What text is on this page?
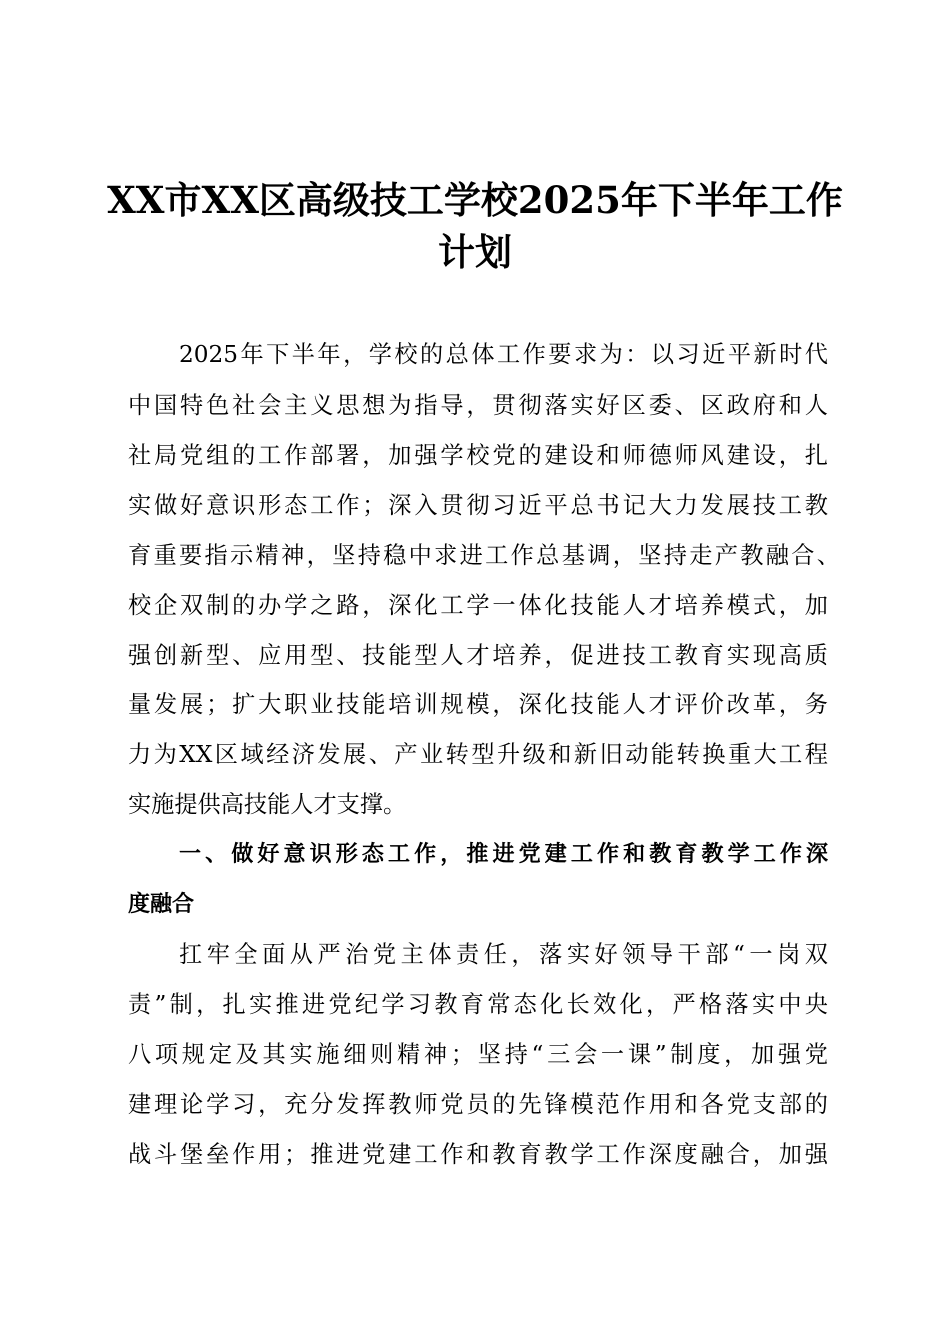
XX市XX区高级技工学校2025年下半年工作
计划
2025年下半年，学校的总体工作要求为：以习近平新时代
中国特色社会主义思想为指导，贯彻落实好区委、区政府和人
社局党组的工作部署，加强学校党的建设和师德师风建设，扎
实做好意识形态工作；深入贯彻习近平总书记大力发展技工教
育重要指示精神，坚持稳中求进工作总基调，坚持走产教融合、
校企双制的办学之路，深化工学一体化技能人才培养模式，加
强创新型、应用型、技能型人才培养，促进技工教育实现高质
量发展；扩大职业技能培训规模，深化技能人才评价改革，务
力为XX区域经济发展、产业转型升级和新旧动能转换重大工程
实施提供高技能人才支撑。
一、做好意识形态工作，推进党建工作和教育教学工作深
度融合
扛牢全面从严治党主体责任，落实好领导干部“一岗双
责”制，扎实推进党纪学习教育常态化长效化，严格落实中央
八项规定及其实施细则精神；坚持“三会一课”制度，加强党
建理论学习，充分发挥教师党员的先锋模范作用和各党支部的
战斗堡垒作用；推进党建工作和教育教学工作深度融合，加强
